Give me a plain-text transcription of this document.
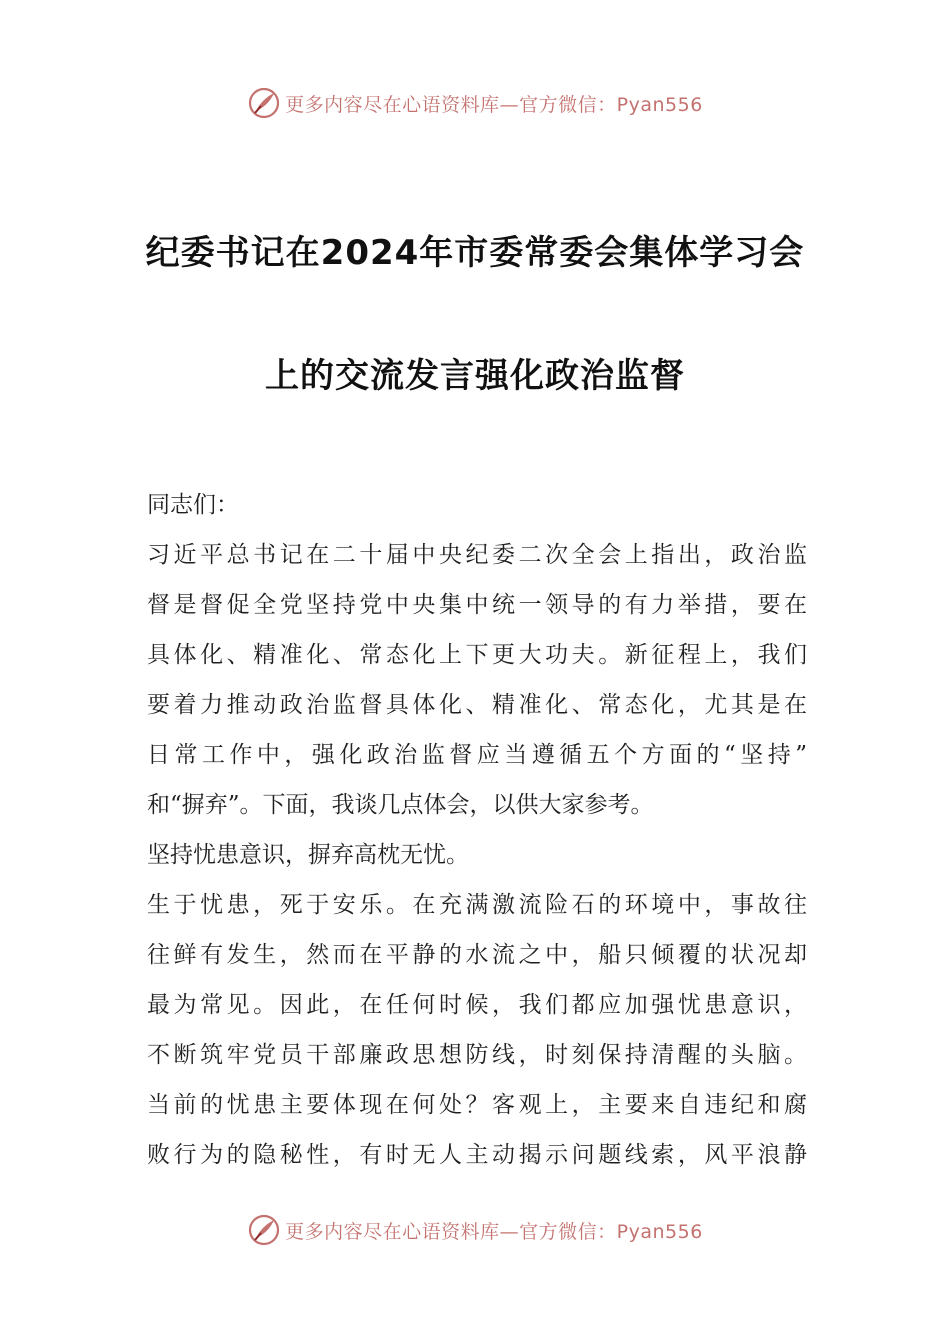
更多内容尽在心语资料库—官方微信：Pyan556
纪委书记在2024年市委常委会集体学习会
上的交流发言强化政治监督
同志们：
习近平总书记在二十届中央纪委二次全会上指出，政治监
督是督促全党坚持党中央集中统一领导的有力举措，要在
具体化、精准化、常态化上下更大功夫。新征程上，我们
要着力推动政治监督具体化、精准化、常态化，尤其是在
日常工作中，强化政治监督应当遵循五个方面的“坚持”
和“摒弃”。下面，我谈几点体会，以供大家参考。
坚持忧患意识，摒弃高枕无忧。
生于忧患，死于安乐。在充满激流险石的环境中，事故往
往鲜有发生，然而在平静的水流之中，船只倾覆的状况却
最为常见。因此，在任何时候，我们都应加强忧患意识，
不断筑牢党员干部廉政思想防线，时刻保持清醒的头脑。
当前的忧患主要体现在何处？客观上，主要来自违纪和腐
败行为的隐秘性，有时无人主动揭示问题线索，风平浪静
更多内容尽在心语资料库—官方微信：Pyan556
